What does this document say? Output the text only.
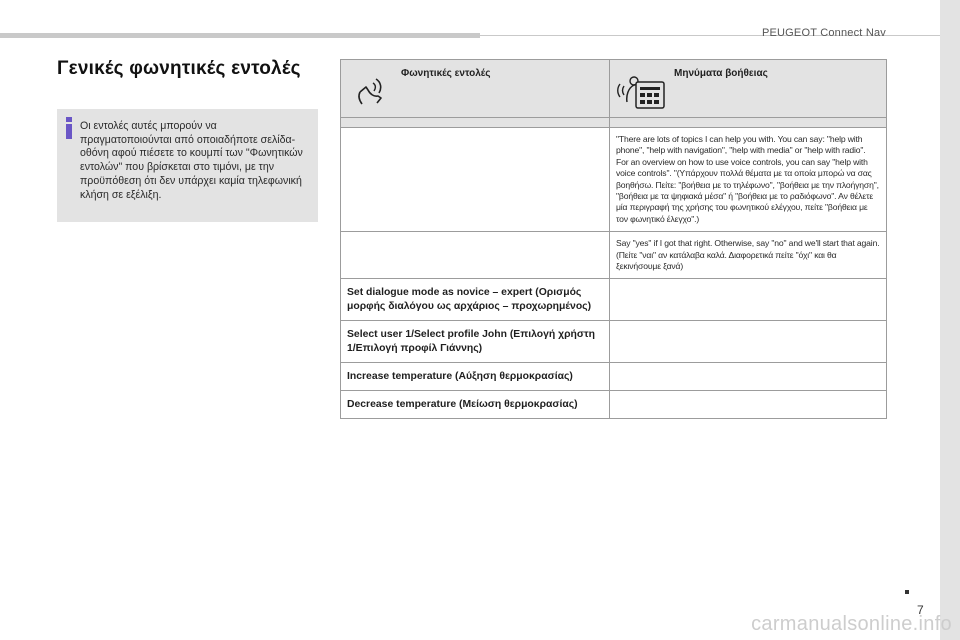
PEUGEOT Connect Nav
Γενικές φωνητικές εντολές
Οι εντολές αυτές μπορούν να πραγματοποιούνται από οποιαδήποτε σελίδα-οθόνη αφού πιέσετε το κουμπί των "Φωνητικών εντολών" που βρίσκεται στο τιμόνι, με την προϋπόθεση ότι δεν υπάρχει καμία τηλεφωνική κλήση σε εξέλιξη.
Φωνητικές εντολές	Μηνύματα βοήθειας

	"There are lots of topics I can help you with. You can say: "help with phone", "help with navigation", "help with media" or "help with radio". For an overview on how to use voice controls, you can say "help with voice controls". "(Υπάρχουν πολλά θέματα με τα οποία μπορώ να σας βοηθήσω. Πείτε: "βοήθεια με το τηλέφωνο", "βοήθεια με την πλοήγηση", "βοήθεια με τα ψηφιακά μέσα" ή "βοήθεια με το ραδιόφωνο". Αν θέλετε μία περιγραφή της χρήσης του φωνητικού ελέγχου, πείτε "βοήθεια με τον φωνητικό έλεγχο".)
	Say "yes" if I got that right. Otherwise, say "no" and we'll start that again. (Πείτε "ναι" αν κατάλαβα καλά. Διαφορετικά πείτε "όχι" και θα ξεκινήσουμε ξανά)
Set dialogue mode as novice – expert (Ορισμός μορφής διαλόγου ως αρχάριος – προχωρημένος)	
Select user 1/Select profile John (Επιλογή χρήστη 1/Επιλογή προφίλ Γιάννης)	
Increase temperature (Αύξηση θερμοκρασίας)	
Decrease temperature (Μείωση θερμοκρασίας)	
7
carmanualsonline.info
